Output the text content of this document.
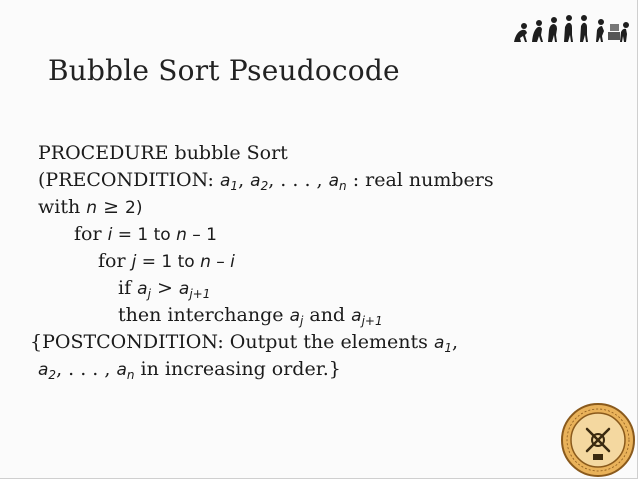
Bubble Sort Pseudocode
PROCEDURE bubble Sort
(PRECONDITION: $a_1$, $a_2$, . . . , $a_n$ : real numbers
with n ≥ 2)
for i = 1 to n – 1
for j = 1 to n – i
if $a_j > a_{j+1}$
then interchange $a_j$ and $a_{j+1}$
{POSTCONDITION: Output the elements $a_1$,
$a_2$, . . . , $a_n$ in increasing order.}
